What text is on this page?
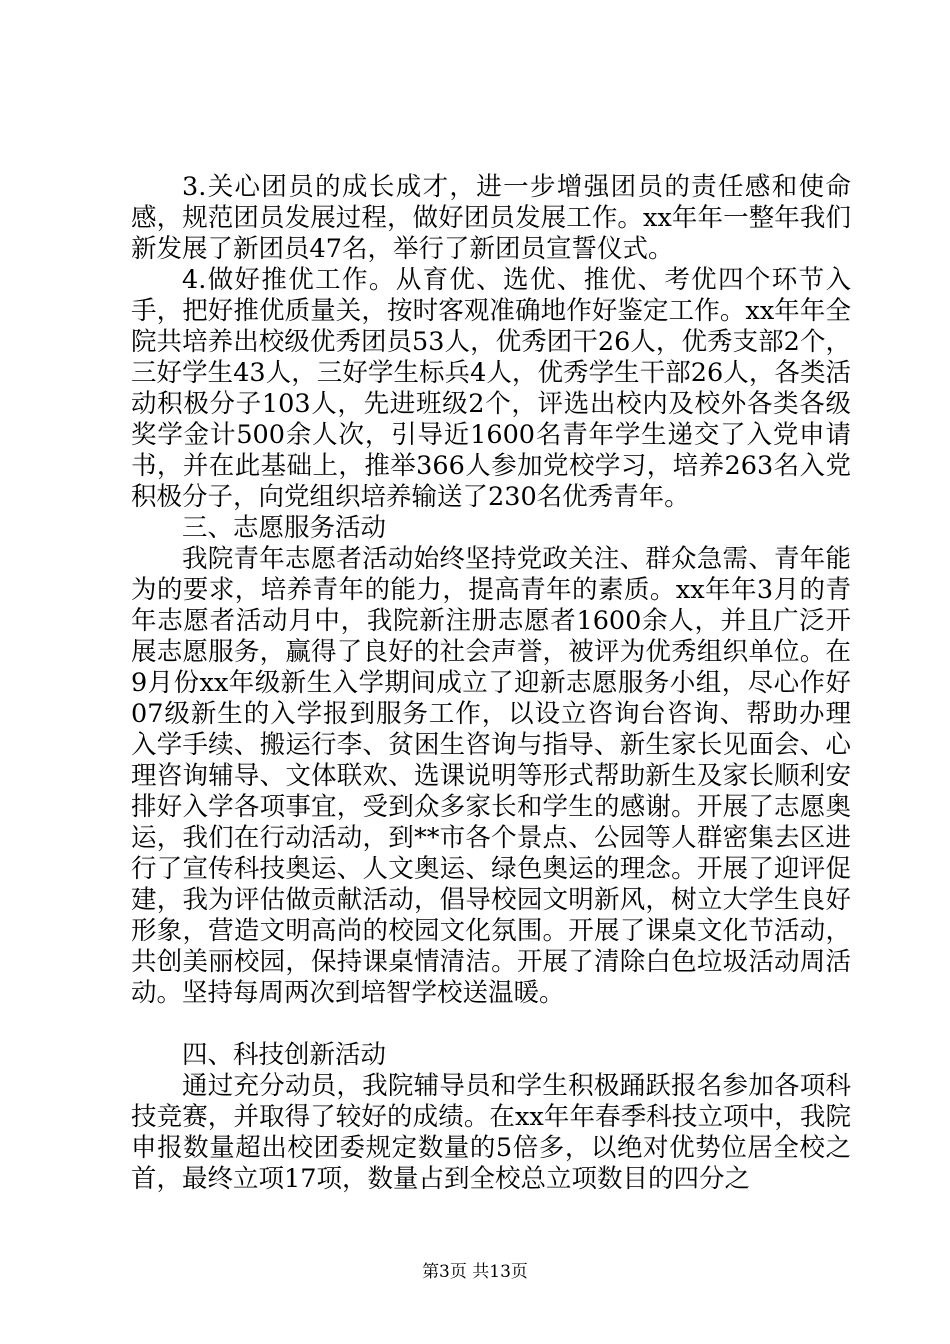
3.关心团员的成长成才，进一步增强团员的责任感和使命感，规范团员发展过程，做好团员发展工作。xx年年一整年我们新发展了新团员47名，举行了新团员宣誓仪式。

4.做好推优工作。从育优、选优、推优、考优四个环节入手，把好推优质量关，按时客观准确地作好鉴定工作。xx年年全院共培养出校级优秀团员53人，优秀团干26人，优秀支部2个，三好学生43人，三好学生标兵4人，优秀学生干部26人，各类活动积极分子103人，先进班级2个，评选出校内及校外各类各级奖学金计500余人次，引导近1600名青年学生递交了入党申请书，并在此基础上，推举366人参加党校学习，培养263名入党积极分子，向党组织培养输送了230名优秀青年。

三、志愿服务活动

我院青年志愿者活动始终坚持党政关注、群众急需、青年能为的要求，培养青年的能力，提高青年的素质。xx年年3月的青年志愿者活动月中，我院新注册志愿者1600余人，并且广泛开展志愿服务，赢得了良好的社会声誉，被评为优秀组织单位。在9月份xx年级新生入学期间成立了迎新志愿服务小组，尽心作好07级新生的入学报到服务工作，以设立咨询台咨询、帮助办理入学手续、搬运行李、贫困生咨询与指导、新生家长见面会、心理咨询辅导、文体联欢、选课说明等形式帮助新生及家长顺利安排好入学各项事宜，受到众多家长和学生的感谢。开展了志愿奥运，我们在行动活动，到**市各个景点、公园等人群密集去区进行了宣传科技奥运、人文奥运、绿色奥运的理念。开展了迎评促建，我为评估做贡献活动，倡导校园文明新风，树立大学生良好形象，营造文明高尚的校园文化氛围。开展了课桌文化节活动，共创美丽校园，保持课桌情清洁。开展了清除白色垃圾活动周活动。坚持每周两次到培智学校送温暖。

四、科技创新活动

通过充分动员，我院辅导员和学生积极踊跃报名参加各项科技竞赛，并取得了较好的成绩。在xx年年春季科技立项中，我院申报数量超出校团委规定数量的5倍多，以绝对优势位居全校之首，最终立项17项，数量占到全校总立项数目的四分之

第3页 共13页
